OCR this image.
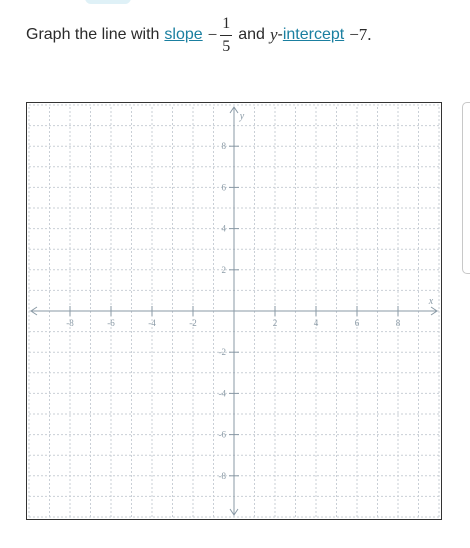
Graph the line with slope − $\frac{1}{5}$ and y - intercept −7.
-8	-6	-4	-2	2	4	6	8
8
6
4
2
-2
-4
-6
-8
x
y
